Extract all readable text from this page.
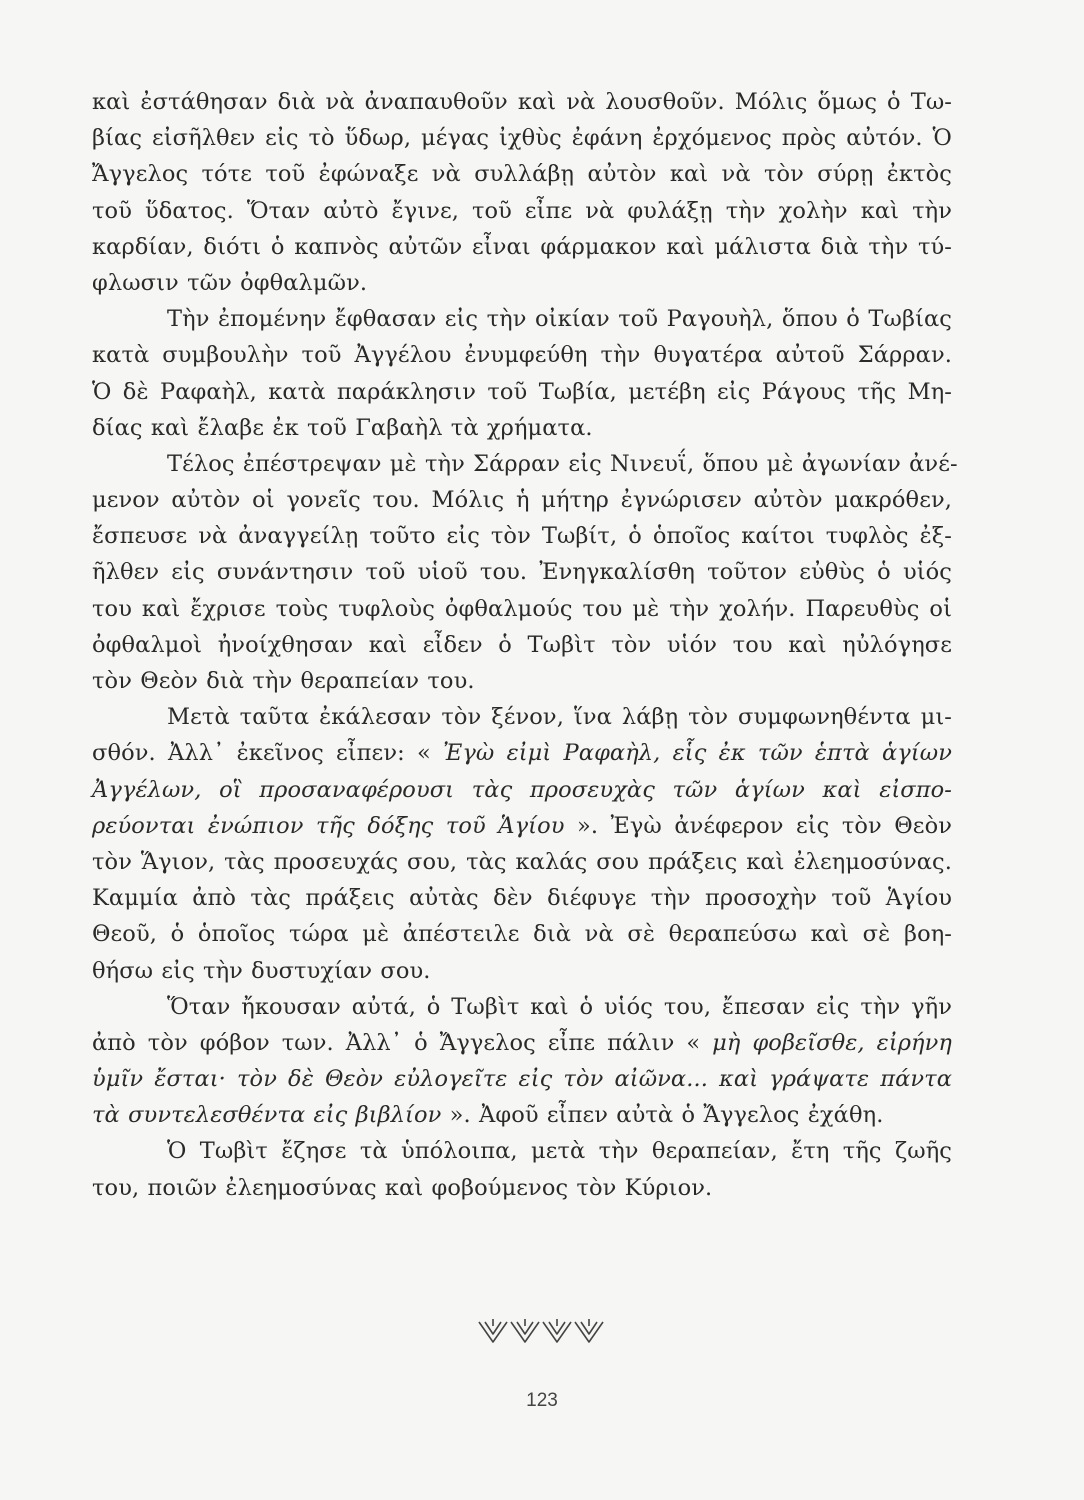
καὶ ἐστάθησαν διὰ νὰ ἀναπαυθοῦν καὶ νὰ λουσθοῦν. Μόλις ὅμως ὁ Τω-
βίας εἰσῆλθεν εἰς τὸ ὕδωρ, μέγας ἰχθὺς ἐφάνη ἐρχόμενος πρὸς αὐτόν. Ὁ
Ἄγγελος τότε τοῦ ἐφώναξε νὰ συλλάβῃ αὐτὸν καὶ νὰ τὸν σύρῃ ἐκτὸς
τοῦ ὕδατος. Ὅταν αὐτὸ ἔγινε, τοῦ εἶπε νὰ φυλάξῃ τὴν χολὴν καὶ τὴν
καρδίαν, διότι ὁ καπνὸς αὐτῶν εἶναι φάρμακον καὶ μάλιστα διὰ τὴν τύ-
φλωσιν τῶν ὀφθαλμῶν.
Τὴν ἐπομένην ἔφθασαν εἰς τὴν οἰκίαν τοῦ Ραγουὴλ, ὅπου ὁ Τωβίας
κατὰ συμβουλὴν τοῦ Ἀγγέλου ἐνυμφεύθη τὴν θυγατέρα αὐτοῦ Σάρραν.
Ὁ δὲ Ραφαὴλ, κατὰ παράκλησιν τοῦ Τωβία, μετέβη εἰς Ράγους τῆς Μη-
δίας καὶ ἔλαβε ἐκ τοῦ Γαβαὴλ τὰ χρήματα.
Τέλος ἐπέστρεψαν μὲ τὴν Σάρραν εἰς Νινευΐ, ὅπου μὲ ἀγωνίαν ἀνέ-
μενον αὐτὸν οἱ γονεῖς του. Μόλις ἡ μήτηρ ἐγνώρισεν αὐτὸν μακρόθεν,
ἔσπευσε νὰ ἀναγγείλῃ τοῦτο εἰς τὸν Τωβίτ, ὁ ὁποῖος καίτοι τυφλὸς ἐξ-
ῆλθεν εἰς συνάντησιν τοῦ υἱοῦ του. Ἐνηγκαλίσθη τοῦτον εὐθὺς ὁ υἱός
του καὶ ἔχρισε τοὺς τυφλοὺς ὀφθαλμούς του μὲ τὴν χολήν. Παρευθὺς οἱ
ὀφθαλμοὶ ἠνοίχθησαν καὶ εἶδεν ὁ Τωβὶτ τὸν υἱόν του καὶ ηὐλόγησε
τὸν Θεὸν διὰ τὴν θεραπείαν του.
Μετὰ ταῦτα ἐκάλεσαν τὸν ξένον, ἵνα λάβῃ τὸν συμφωνηθέντα μι-
σθόν. Ἀλλ᾽ ἐκεῖνος εἶπεν: « Ἐγὼ εἰμὶ Ραφαὴλ, εἷς ἐκ τῶν ἑπτὰ ἁγίων
Ἀγγέλων, οἳ προσαναφέρουσι τὰς προσευχὰς τῶν ἁγίων καὶ εἰσπο-
ρεύονται ἐνώπιον τῆς δόξης τοῦ Ἁγίου ». Ἐγὼ ἀνέφερον εἰς τὸν Θεὸν
τὸν Ἅγιον, τὰς προσευχάς σου, τὰς καλάς σου πράξεις καὶ ἐλεημοσύνας.
Καμμία ἀπὸ τὰς πράξεις αὐτὰς δὲν διέφυγε τὴν προσοχὴν τοῦ Ἁγίου
Θεοῦ, ὁ ὁποῖος τώρα μὲ ἀπέστειλε διὰ νὰ σὲ θεραπεύσω καὶ σὲ βοη-
θήσω εἰς τὴν δυστυχίαν σου.
Ὅταν ἤκουσαν αὐτά, ὁ Τωβὶτ καὶ ὁ υἱός του, ἔπεσαν εἰς τὴν γῆν
ἀπὸ τὸν φόβον των. Ἀλλ᾽ ὁ Ἄγγελος εἶπε πάλιν « μὴ φοβεῖσθε, εἰρήνη
ὑμῖν ἔσται· τὸν δὲ Θεὸν εὐλογεῖτε εἰς τὸν αἰῶνα... καὶ γράψατε πάντα
τὰ συντελεσθέντα εἰς βιβλίον ». Ἀφοῦ εἶπεν αὐτὰ ὁ Ἄγγελος ἐχάθη.
Ὁ Τωβὶτ ἔζησε τὰ ὑπόλοιπα, μετὰ τὴν θεραπείαν, ἔτη τῆς ζωῆς
του, ποιῶν ἐλεημοσύνας καὶ φοβούμενος τὸν Κύριον.
123
